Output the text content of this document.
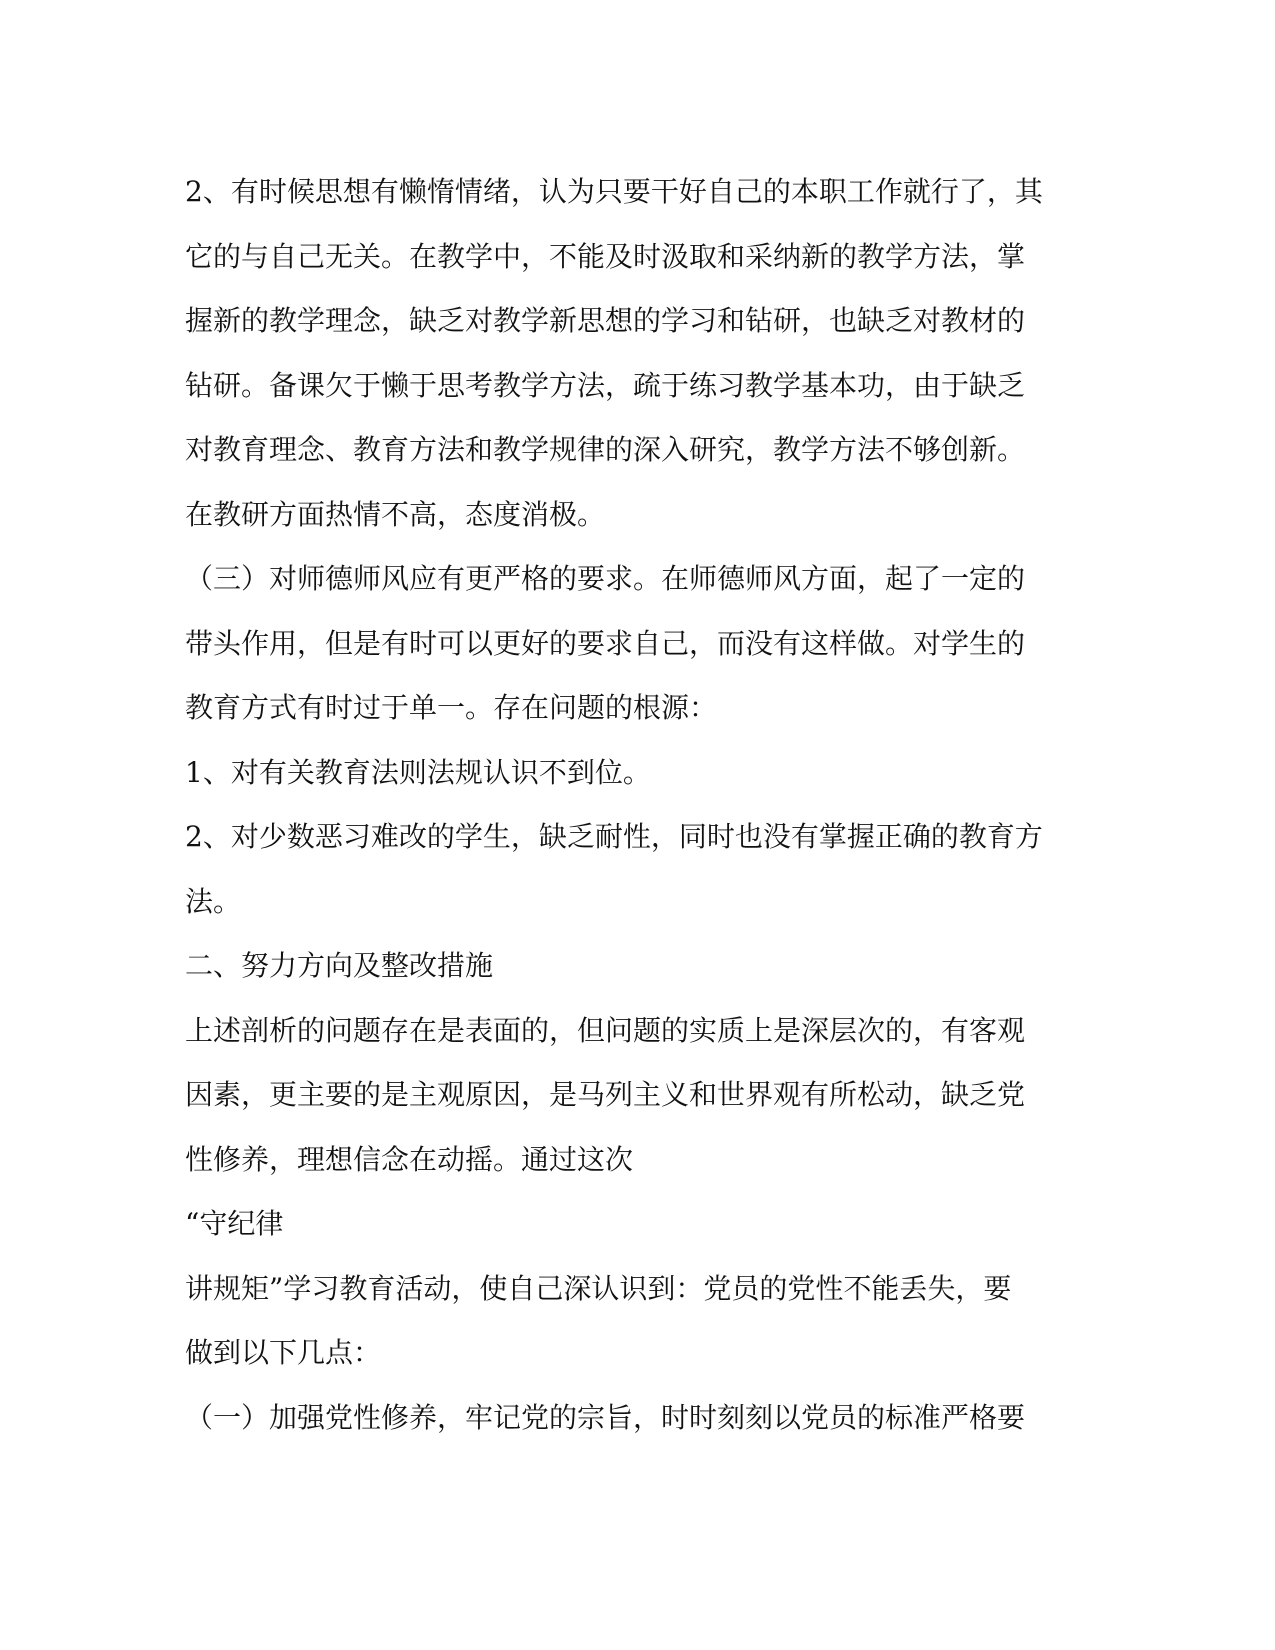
2、有时候思想有懒惰情绪，认为只要干好自己的本职工作就行了，其
它的与自己无关。在教学中，不能及时汲取和采纳新的教学方法，掌
握新的教学理念，缺乏对教学新思想的学习和钻研，也缺乏对教材的
钻研。备课欠于懒于思考教学方法，疏于练习教学基本功，由于缺乏
对教育理念、教育方法和教学规律的深入研究，教学方法不够创新。
在教研方面热情不高，态度消极。
（三）对师德师风应有更严格的要求。在师德师风方面，起了一定的
带头作用，但是有时可以更好的要求自己，而没有这样做。对学生的
教育方式有时过于单一。存在问题的根源：
1、对有关教育法则法规认识不到位。
2、对少数恶习难改的学生，缺乏耐性，同时也没有掌握正确的教育方
法。
二、努力方向及整改措施
上述剖析的问题存在是表面的，但问题的实质上是深层次的，有客观
因素，更主要的是主观原因，是马列主义和世界观有所松动，缺乏党
性修养，理想信念在动摇。通过这次
“守纪律
讲规矩”学习教育活动，使自己深认识到：党员的党性不能丢失，要
做到以下几点：
（一）加强党性修养，牢记党的宗旨，时时刻刻以党员的标准严格要
